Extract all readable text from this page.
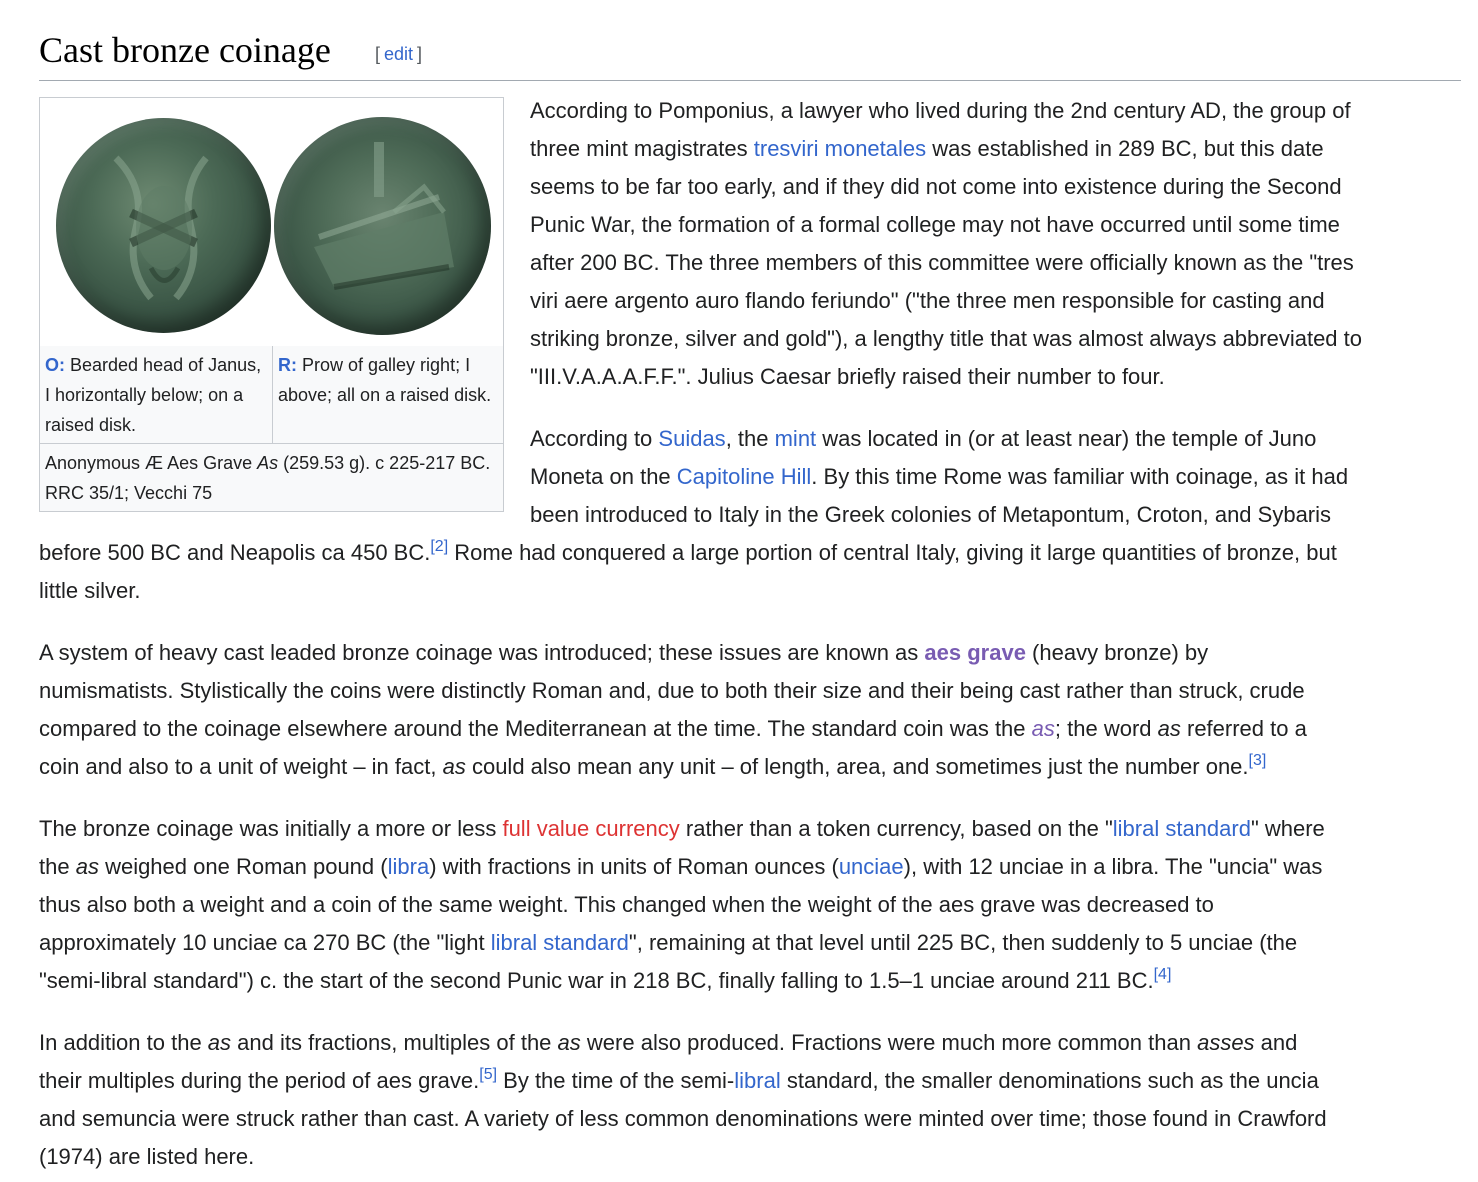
Cast bronze coinage [ edit ]
O: Bearded head of Janus, I horizontally below; on a raised disk.
R: Prow of galley right; I above; all on a raised disk.
Anonymous Æ Aes Grave As (259.53 g). c 225-217 BC. RRC 35/1; Vecchi 75
According to Pomponius, a lawyer who lived during the 2nd century AD, the group of
three mint magistrates tresviri monetales was established in 289 BC, but this date
seems to be far too early, and if they did not come into existence during the Second
Punic War, the formation of a formal college may not have occurred until some time
after 200 BC. The three members of this committee were officially known as the "tres
viri aere argento auro flando feriundo" ("the three men responsible for casting and
striking bronze, silver and gold"), a lengthy title that was almost always abbreviated to
"III.V.A.A.A.F.F.". Julius Caesar briefly raised their number to four.
According to Suidas, the mint was located in (or at least near) the temple of Juno
Moneta on the Capitoline Hill. By this time Rome was familiar with coinage, as it had
been introduced to Italy in the Greek colonies of Metapontum, Croton, and Sybaris
before 500 BC and Neapolis ca 450 BC.[2] Rome had conquered a large portion of central Italy, giving it large quantities of bronze, but
little silver.
A system of heavy cast leaded bronze coinage was introduced; these issues are known as aes grave (heavy bronze) by
numismatists. Stylistically the coins were distinctly Roman and, due to both their size and their being cast rather than struck, crude
compared to the coinage elsewhere around the Mediterranean at the time. The standard coin was the as; the word as referred to a
coin and also to a unit of weight – in fact, as could also mean any unit – of length, area, and sometimes just the number one.[3]
The bronze coinage was initially a more or less full value currency rather than a token currency, based on the "libral standard" where
the as weighed one Roman pound (libra) with fractions in units of Roman ounces (unciae), with 12 unciae in a libra. The "uncia" was
thus also both a weight and a coin of the same weight. This changed when the weight of the aes grave was decreased to
approximately 10 unciae ca 270 BC (the "light libral standard", remaining at that level until 225 BC, then suddenly to 5 unciae (the
"semi-libral standard") c. the start of the second Punic war in 218 BC, finally falling to 1.5–1 unciae around 211 BC.[4]
In addition to the as and its fractions, multiples of the as were also produced. Fractions were much more common than asses and
their multiples during the period of aes grave.[5] By the time of the semi-libral standard, the smaller denominations such as the uncia
and semuncia were struck rather than cast. A variety of less common denominations were minted over time; those found in Crawford
(1974) are listed here.
